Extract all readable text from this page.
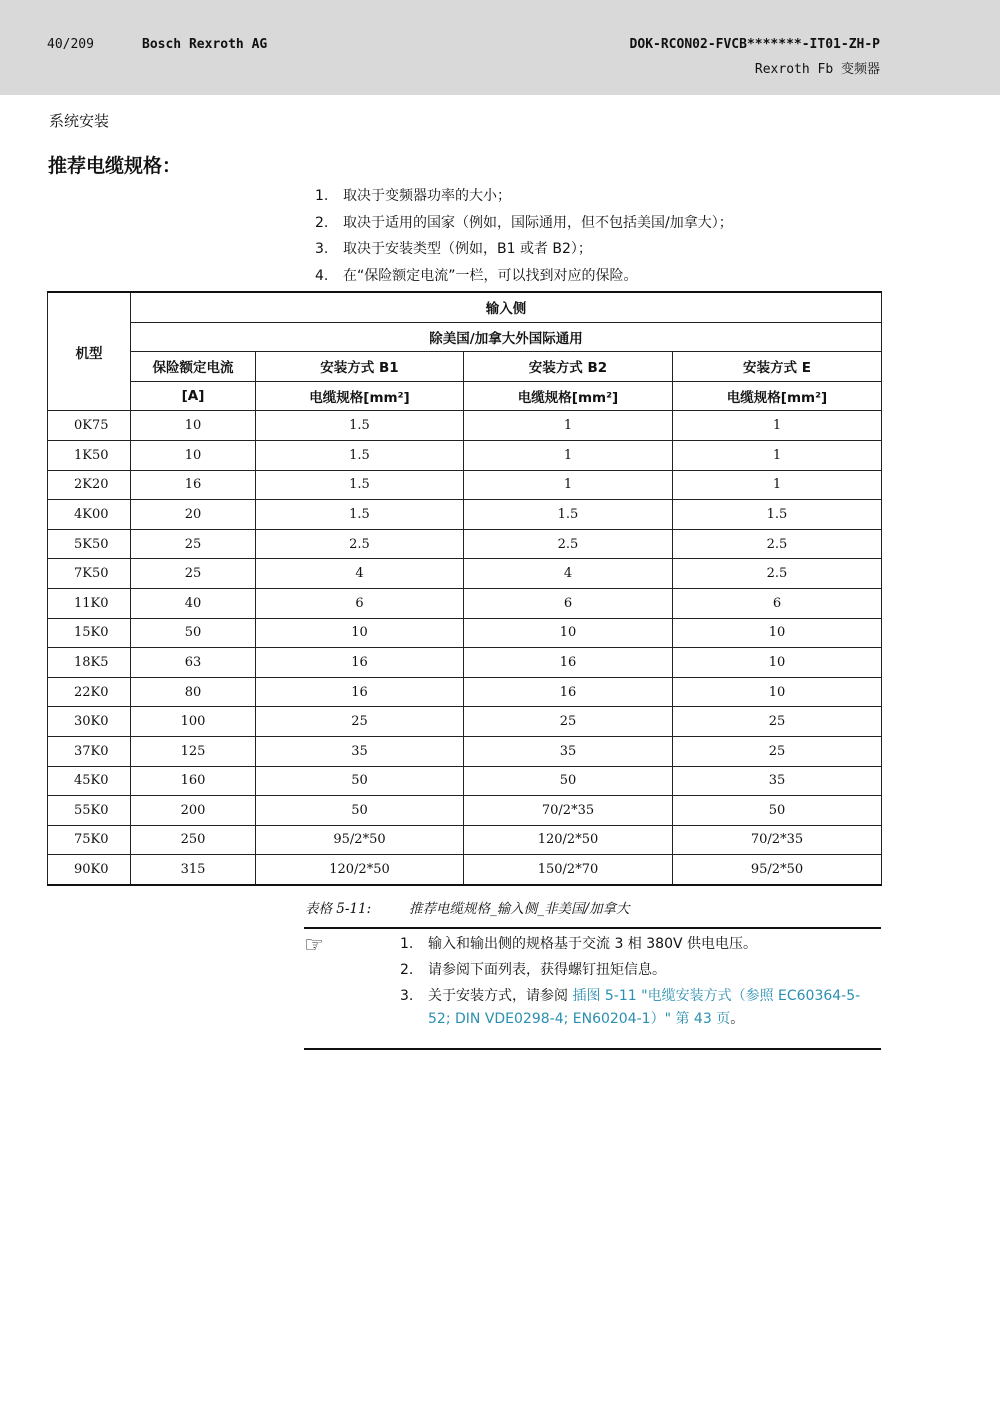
40/209	Bosch Rexroth AG	DOK-RCON02-FVCB*******-IT01-ZH-P
Rexroth Fb 变频器
系统安装
推荐电缆规格：
1. 取决于变频器功率的大小；
2. 取决于适用的国家（例如，国际通用，但不包括美国/加拿大）；
3. 取决于安装类型（例如，B1 或者 B2）；
4. 在“保险额定电流”一栏，可以找到对应的保险。
机型	输入侧			
	除美国/加拿大外国际通用			
	保险额定电流	安装方式 B1	安装方式 B2	安装方式 E
	[A]	电缆规格[mm²]	电缆规格[mm²]	电缆规格[mm²]
0K75	10	1.5	1	1
1K50	10	1.5	1	1
2K20	16	1.5	1	1
4K00	20	1.5	1.5	1.5
5K50	25	2.5	2.5	2.5
7K50	25	4	4	2.5
11K0	40	6	6	6
15K0	50	10	10	10
18K5	63	16	16	10
22K0	80	16	16	10
30K0	100	25	25	25
37K0	125	35	35	25
45K0	160	50	50	35
55K0	200	50	70/2*35	50
75K0	250	95/2*50	120/2*50	70/2*35
90K0	315	120/2*50	150/2*70	95/2*50
表格 5-11:	推荐电缆规格_输入侧_非美国/加拿大
☞	1.	输入和输出侧的规格基于交流 3 相 380V 供电电压。
2.	请参阅下面列表，获得螺钉扭矩信息。
3.	关于安装方式，请参阅 插图 5-11 "电缆安装方式（参照 EC60364-5-52; DIN VDE0298-4; EN60204-1）" 第 43 页。
